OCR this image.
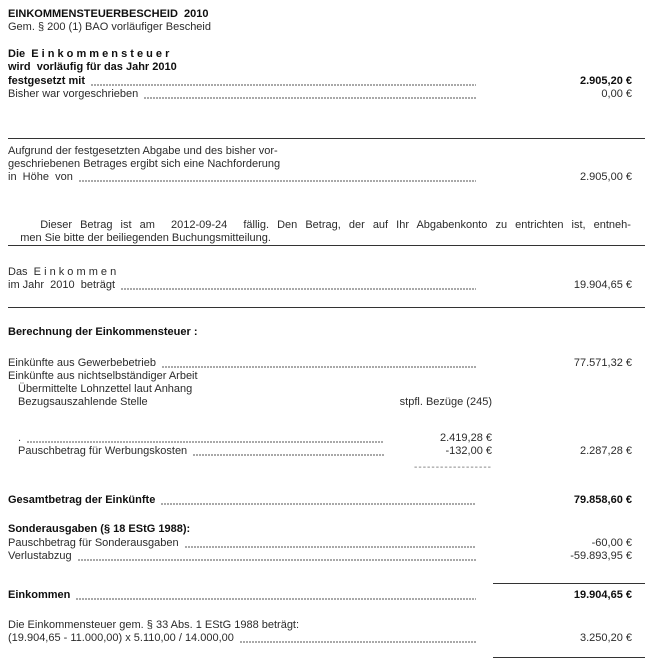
EINKOMMENSTEUERBESCHEID  2010
Gem. § 200 (1) BAO vorläufiger Bescheid
Die  E i n k o m m e n s t e u e r
wird  vorläufig für das Jahr 2010
festgesetzt mit	2.905,20 €
Bisher war vorgeschrieben	0,00 €
Aufgrund der festgesetzten Abgabe und des bisher vor-
geschriebenen Betrages ergibt sich eine Nachforderung
in  Höhe  von	2.905,00 €

Dieser Betrag ist am  2012-09-24  fällig. Den Betrag, der auf Ihr Abgabenkonto zu entrichten ist, entneh-

men Sie bitte der beiliegenden Buchungsmitteilung.

Das  E i n k o m m e n
im Jahr  2010  beträgt	19.904,65 €
Berechnung der Einkommensteuer :
Einkünfte aus Gewerbebetrieb	77.571,32 €
Einkünfte aus nichtselbständiger Arbeit
Übermittelte Lohnzettel laut Anhang
Bezugsauszahlende Stelle	stpfl. Bezüge (245)
.	2.419,28 €
Pauschbetrag für Werbungskosten	-132,00 €	2.287,28 €
------------------
Gesamtbetrag der Einkünfte	79.858,60 €
Sonderausgaben (§ 18 EStG 1988):
Pauschbetrag für Sonderausgaben	-60,00 €
Verlustabzug	-59.893,95 €
Einkommen	19.904,65 €
Die Einkommensteuer gem. § 33 Abs. 1 EStG 1988 beträgt:
(19.904,65 - 11.000,00) x 5.110,00 / 14.000,00	3.250,20 €
